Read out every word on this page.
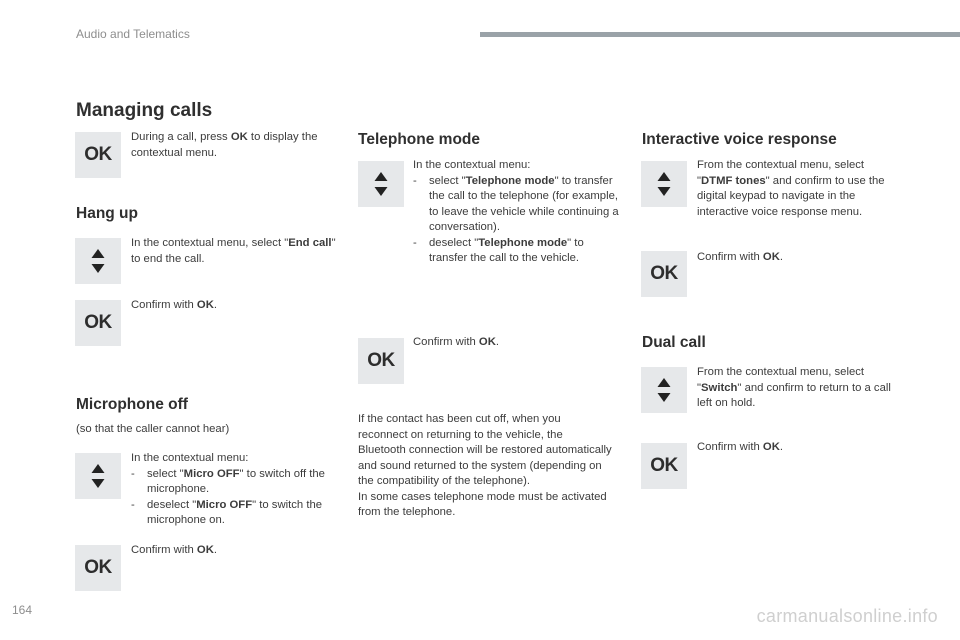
Audio and Telematics
Managing calls
OK
During a call, press OK to display the contextual menu.
Hang up
In the contextual menu, select "End call" to end the call.
OK
Confirm with OK.
Microphone off
(so that the caller cannot hear)
In the contextual menu:
- select "Micro OFF" to switch off the microphone.
- deselect "Micro OFF" to switch the microphone on.
OK
Confirm with OK.
Telephone mode
In the contextual menu:
- select "Telephone mode" to transfer the call to the telephone (for example, to leave the vehicle while continuing a conversation).
- deselect "Telephone mode" to transfer the call to the vehicle.
OK
Confirm with OK.
If the contact has been cut off, when you reconnect on returning to the vehicle, the Bluetooth connection will be restored automatically and sound returned to the system (depending on the compatibility of the telephone).
In some cases telephone mode must be activated from the telephone.
Interactive voice response
From the contextual menu, select "DTMF tones" and confirm to use the digital keypad to navigate in the interactive voice response menu.
OK
Confirm with OK.
Dual call
From the contextual menu, select "Switch" and confirm to return to a call left on hold.
OK
Confirm with OK.
164	carmanualsonline.info
